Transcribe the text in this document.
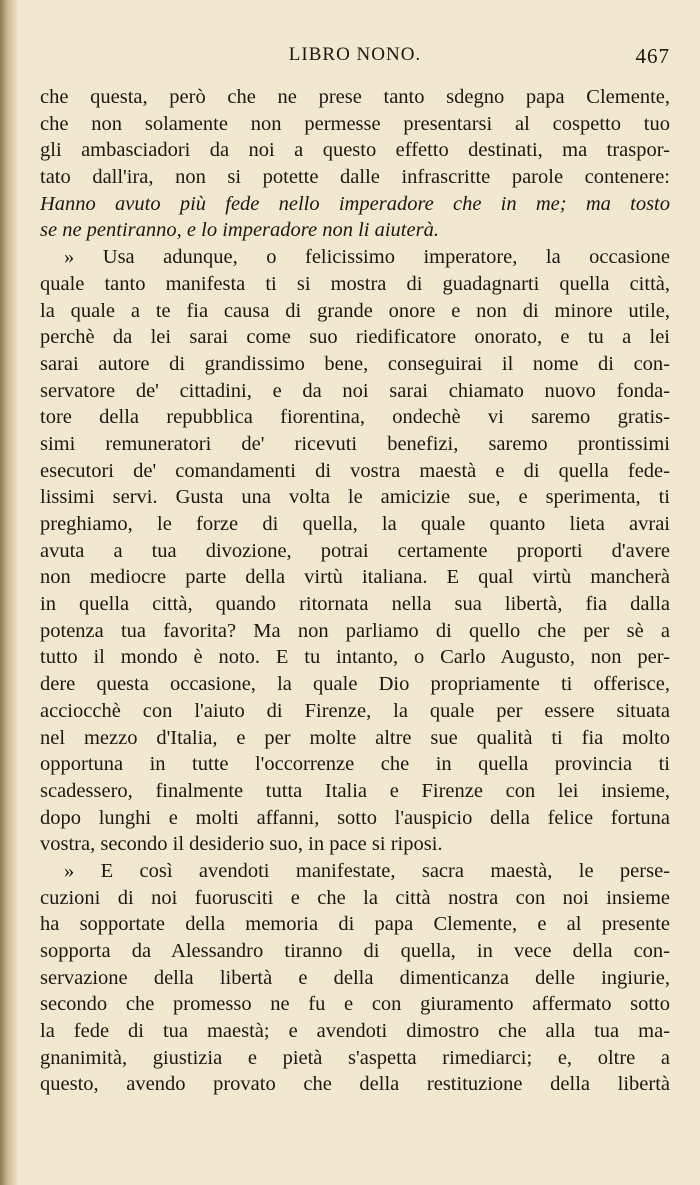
LIBRO NONO.	467
che questa, però che ne prese tanto sdegno papa Clemente,
che non solamente non permesse presentarsi al cospetto tuo
gli ambasciadori da noi a questo effetto destinati, ma traspor-
tato dall'ira, non si potette dalle infrascritte parole contenere:
Hanno avuto più fede nello imperadore che in me; ma tosto
se ne pentiranno, e lo imperadore non li aiuterà.
» Usa adunque, o felicissimo imperatore, la occasione
quale tanto manifesta ti si mostra di guadagnarti quella città,
la quale a te fia causa di grande onore e non di minore utile,
perchè da lei sarai come suo riedificatore onorato, e tu a lei
sarai autore di grandissimo bene, conseguirai il nome di con-
servatore de' cittadini, e da noi sarai chiamato nuovo fonda-
tore della repubblica fiorentina, ondechè vi saremo gratis-
simi remuneratori de' ricevuti benefizi, saremo prontissimi
esecutori de' comandamenti di vostra maestà e di quella fede-
lissimi servi. Gusta una volta le amicizie sue, e sperimenta, ti
preghiamo, le forze di quella, la quale quanto lieta avrai
avuta a tua divozione, potrai certamente proporti d'avere
non mediocre parte della virtù italiana. E qual virtù mancherà
in quella città, quando ritornata nella sua libertà, fia dalla
potenza tua favorita? Ma non parliamo di quello che per sè a
tutto il mondo è noto. E tu intanto, o Carlo Augusto, non per-
dere questa occasione, la quale Dio propriamente ti offerisce,
acciocchè con l'aiuto di Firenze, la quale per essere situata
nel mezzo d'Italia, e per molte altre sue qualità ti fia molto
opportuna in tutte l'occorrenze che in quella provincia ti
scadessero, finalmente tutta Italia e Firenze con lei insieme,
dopo lunghi e molti affanni, sotto l'auspicio della felice fortuna
vostra, secondo il desiderio suo, in pace si riposi.
» E così avendoti manifestate, sacra maestà, le perse-
cuzioni di noi fuorusciti e che la città nostra con noi insieme
ha sopportate della memoria di papa Clemente, e al presente
sopporta da Alessandro tiranno di quella, in vece della con-
servazione della libertà e della dimenticanza delle ingiurie,
secondo che promesso ne fu e con giuramento affermato sotto
la fede di tua maestà; e avendoti dimostro che alla tua ma-
gnanimità, giustizia e pietà s'aspetta rimediarci; e, oltre a
questo, avendo provato che della restituzione della libertà
